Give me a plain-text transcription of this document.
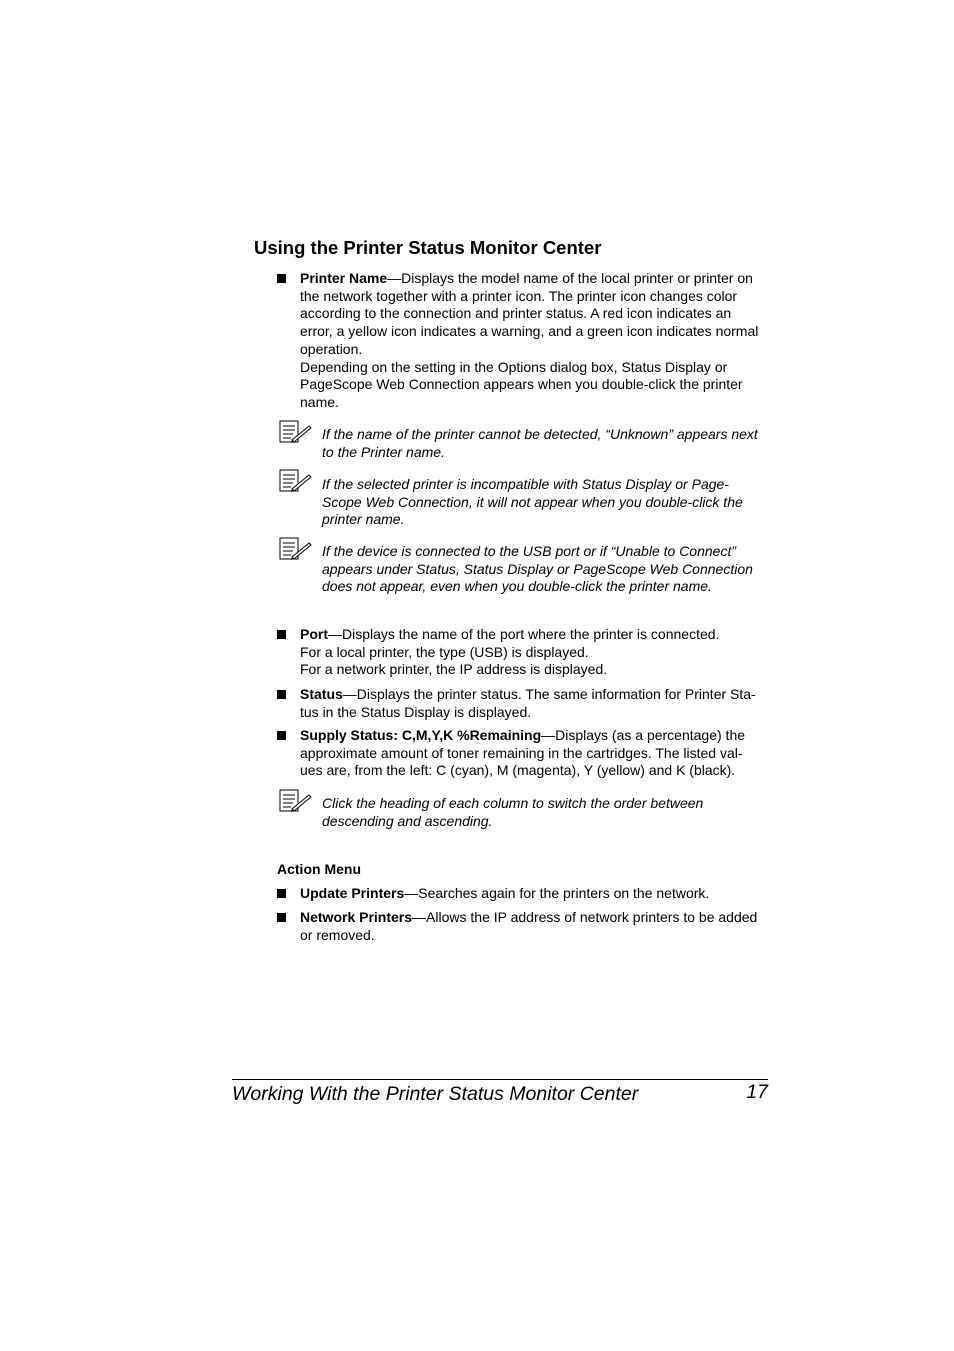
Using the Printer Status Monitor Center
Printer Name—Displays the model name of the local printer or printer on
the network together with a printer icon. The printer icon changes color
according to the connection and printer status. A red icon indicates an
error, a yellow icon indicates a warning, and a green icon indicates normal
operation.
Depending on the setting in the Options dialog box, Status Display or
PageScope Web Connection appears when you double-click the printer
name.
If the name of the printer cannot be detected, “Unknown” appears next
to the Printer name.
If the selected printer is incompatible with Status Display or Page-
Scope Web Connection, it will not appear when you double-click the
printer name.
If the device is connected to the USB port or if “Unable to Connect”
appears under Status, Status Display or PageScope Web Connection
does not appear, even when you double-click the printer name.
Port—Displays the name of the port where the printer is connected.
For a local printer, the type (USB) is displayed.
For a network printer, the IP address is displayed.
Status—Displays the printer status. The same information for Printer Sta-
tus in the Status Display is displayed.
Supply Status: C,M,Y,K %Remaining—Displays (as a percentage) the
approximate amount of toner remaining in the cartridges. The listed val-
ues are, from the left: C (cyan), M (magenta), Y (yellow) and K (black).
Click the heading of each column to switch the order between
descending and ascending.
Action Menu
Update Printers—Searches again for the printers on the network.
Network Printers—Allows the IP address of network printers to be added
or removed.
Working With the Printer Status Monitor Center	17
